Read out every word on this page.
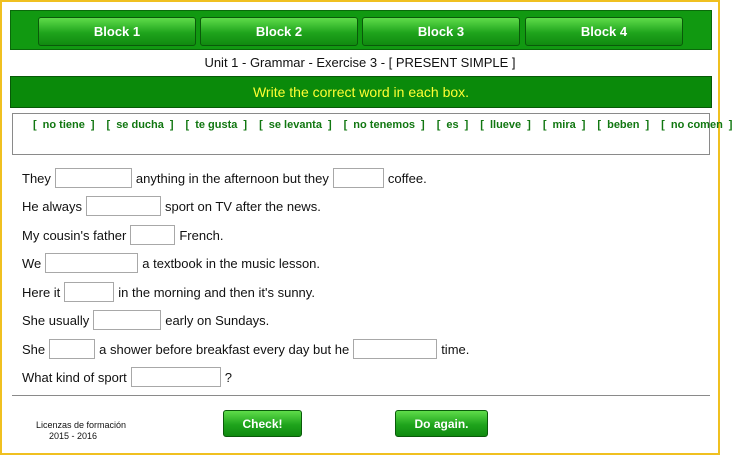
Block 1	Block 2	Block 3	Block 4
Unit 1 - Grammar - Exercise 3 - [ PRESENT SIMPLE ]
Write the correct word in each box.
[ no tiene ] [ se ducha ] [ te gusta ] [ se levanta ] [ no tenemos ] [ es ] [ llueve ] [ mira ] [ beben ] [ no comen ]
They	anything in the afternoon but they	coffee.
He always	sport on TV after the news.
My cousin's father	French.
We	a textbook in the music lesson.
Here it	in the morning and then it's sunny.
She usually	early on Sundays.
She	a shower before breakfast every day but he	time.
What kind of sport	?
Licenzas de formación
2015 - 2016
Check!	Do again.
